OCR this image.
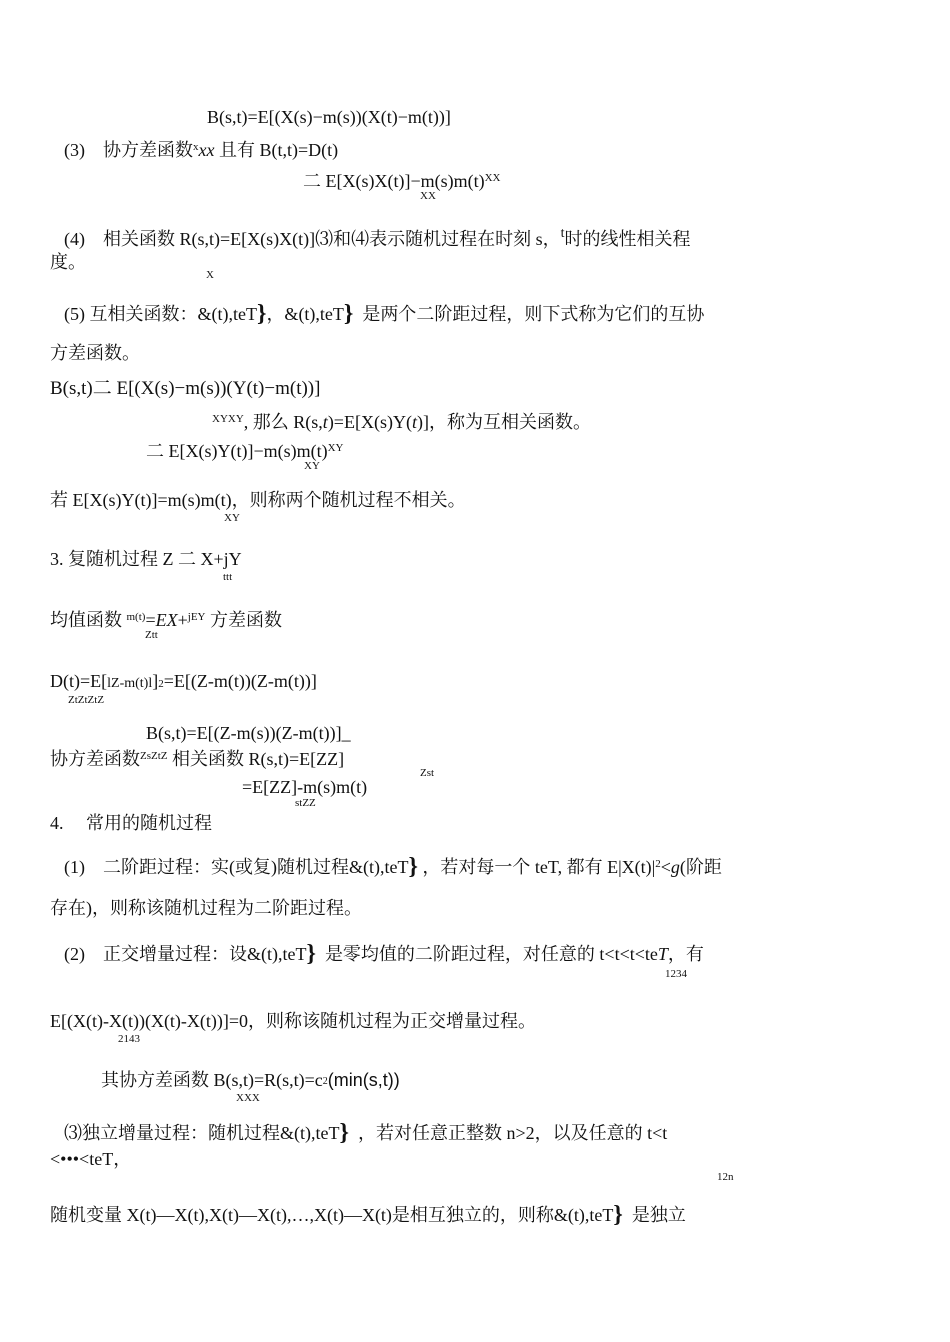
B(s,t)=E[(X(s)−m(s))(X(t)−m(t))]
(3)　协方差函数$^x$xx 且有 B(t,t)=D(t)
二 $E[X(s)X(t)]-m(s)m(t)^{XX}$
XX
(4)　相关函数 R(s,t)=E[X(s)X(t)]⑶和⑷表示随机过程在时刻 s，$^t$时的线性相关程
度。
X
(5) 互相关函数：&(t),teT}，&(t),teT} 是两个二阶距过程，则下式称为它们的互协
方差函数。
B(s,t)二 E[(X(s)−m(s))(Y(t)−m(t))]
$^{XYXY}$, 那么 R(s,t)=E[X(s)Y(t)]，称为互相关函数。
二 $E[X(s)Y(t)]-m(s)m(t)^{XY}$
XY
若 E[X(s)Y(t)]=m(s)m(t)，则称两个随机过程不相关。
XY
3. 复随机过程 Z 二 X+jY
ttt
均值函数 $^{m(t)}$=EX+$^{jEY}$ 方差函数
Ztt
D(t)=E[lZ-m(t)l]2=E[(Z-m(t))(Z-m(t))]
ZtZtZtZ
B(s,t)=E[(Z-m(s))(Z-m(t))]_
协方差函数$^{ZsZtZ}$ 相关函数 R(s,t)=E[ZZ]
Zst
=E[ZZ]-m(s)m(t)
stZZ
4.　 常用的随机过程
(1)　二阶距过程：实(或复)随机过程&(t),teT} ，若对每一个 teT, 都有 $E|X(t)|^2<g$(阶距
存在)，则称该随机过程为二阶距过程。
(2)　正交增量过程：设&(t),teT} 是零均值的二阶距过程，对任意的 t<t<t<teT，有
1234
E[(X(t)-X(t))(X(t)-X(t))]=0，则称该随机过程为正交增量过程。
2143
其协方差函数 B(s,t)=R(s,t)=c2(min(s,t))
XXX
⑶独立增量过程：随机过程&(t),teT} ，若对任意正整数 n>2，以及任意的 t<t
<•••<teT，
12n
随机变量 X(t)—X(t),X(t)—X(t),…,X(t)—X(t)是相互独立的，则称&(t),teT} 是独立
